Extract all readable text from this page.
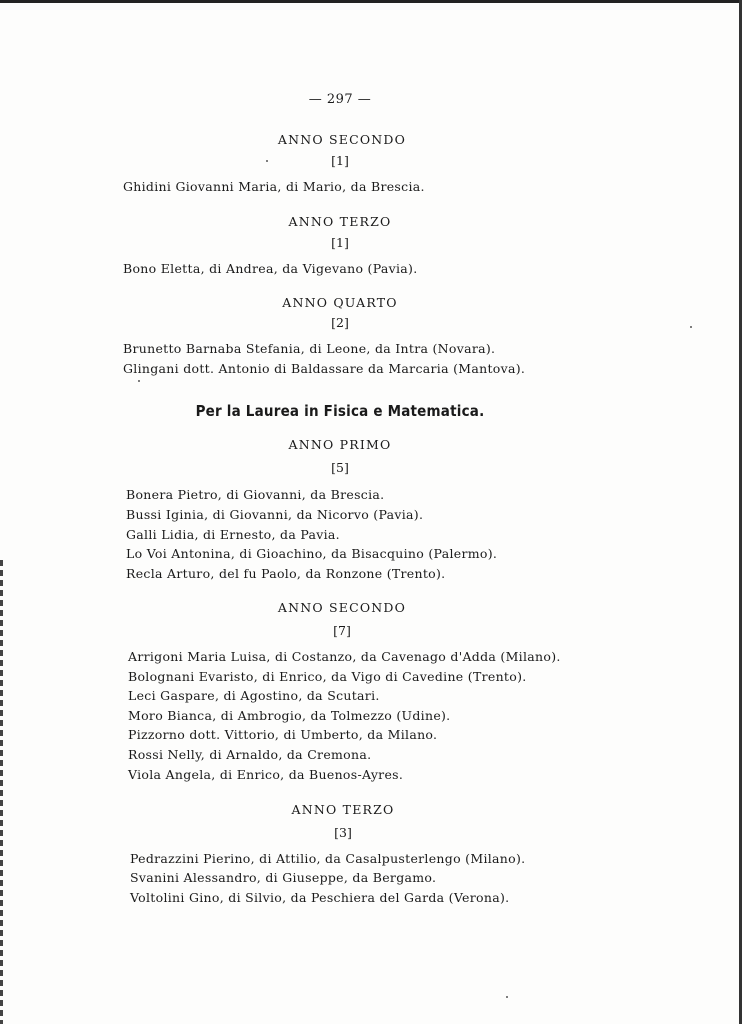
— 297 —
ANNO SECONDO
[1]
Ghidini Giovanni Maria, di Mario, da Brescia.
ANNO TERZO
[1]
Bono Eletta, di Andrea, da Vigevano (Pavia).
ANNO QUARTO
[2]
Brunetto Barnaba Stefania, di Leone, da Intra (Novara).
Glingani dott. Antonio di Baldassare da Marcaria (Mantova).
Per la Laurea in Fisica e Matematica.
ANNO PRIMO
[5]
Bonera Pietro, di Giovanni, da Brescia.
Bussi Iginia, di Giovanni, da Nicorvo (Pavia).
Galli Lidia, di Ernesto, da Pavia.
Lo Voi Antonina, di Gioachino, da Bisacquino (Palermo).
Recla Arturo, del fu Paolo, da Ronzone (Trento).
ANNO SECONDO
[7]
Arrigoni Maria Luisa, di Costanzo, da Cavenago d'Adda (Milano).
Bolognani Evaristo, di Enrico, da Vigo di Cavedine (Trento).
Leci Gaspare, di Agostino, da Scutari.
Moro Bianca, di Ambrogio, da Tolmezzo (Udine).
Pizzorno dott. Vittorio, di Umberto, da Milano.
Rossi Nelly, di Arnaldo, da Cremona.
Viola Angela, di Enrico, da Buenos-Ayres.
ANNO TERZO
[3]
Pedrazzini Pierino, di Attilio, da Casalpusterlengo (Milano).
Svanini Alessandro, di Giuseppe, da Bergamo.
Voltolini Gino, di Silvio, da Peschiera del Garda (Verona).
